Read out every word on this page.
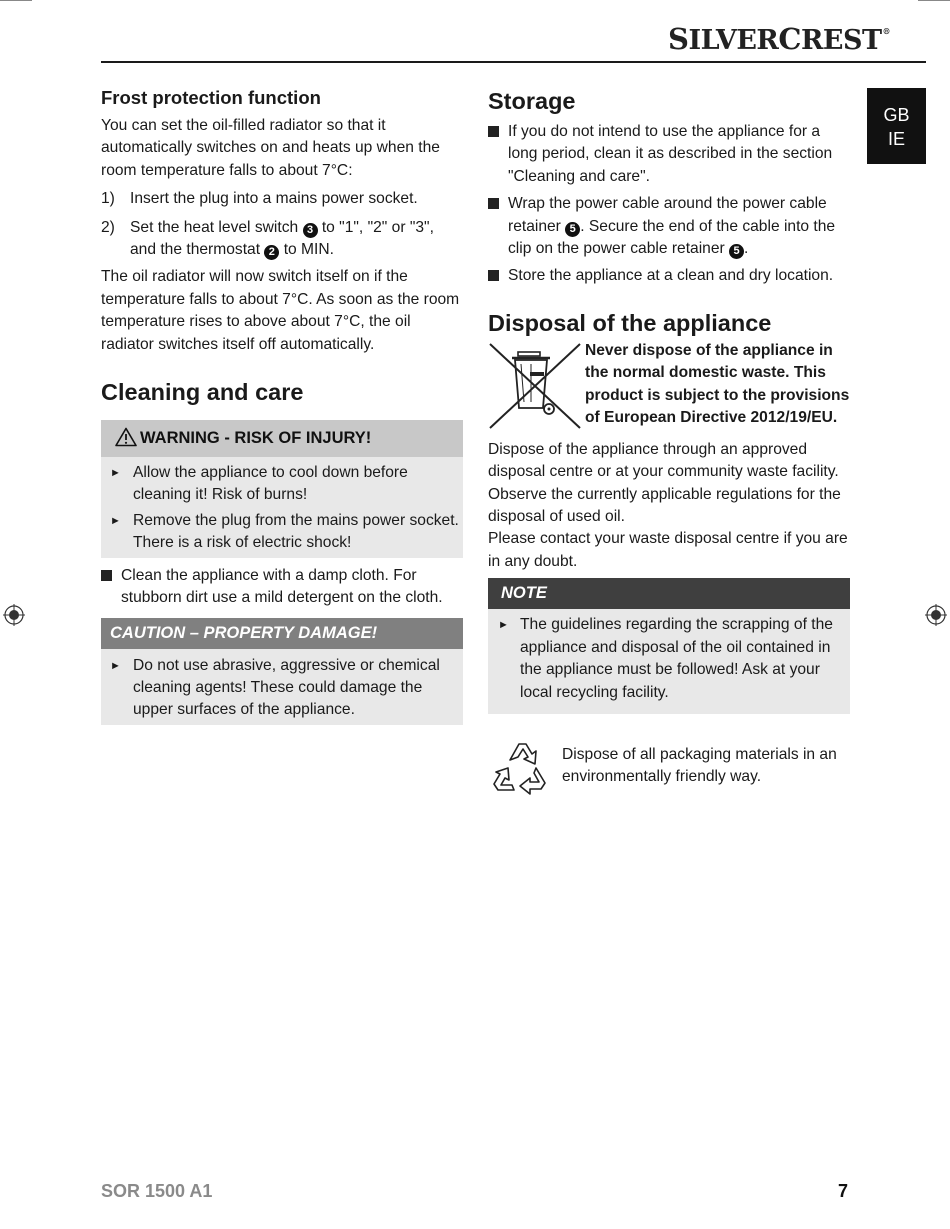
SILVERCREST®
GB
IE
Frost protection function

You can set the oil-filled radiator so that it automatically switches on and heats up when the room temperature falls to about 7°C:

1) Insert the plug into a mains power socket.
2) Set the heat level switch 3 to "1", "2" or "3", and the thermostat 2 to MIN.

The oil radiator will now switch itself on if the temperature falls to about 7°C. As soon as the room temperature rises to above about 7°C, the oil radiator switches itself off automatically.

Cleaning and care
WARNING - RISK OF INJURY!
► Allow the appliance to cool down before cleaning it! Risk of burns!
► Remove the plug from the mains power socket. There is a risk of electric shock!
Clean the appliance with a damp cloth. For stubborn dirt use a mild detergent on the cloth.
CAUTION – PROPERTY DAMAGE!
► Do not use abrasive, aggressive or chemical cleaning agents! These could damage the upper surfaces of the appliance.
Storage
If you do not intend to use the appliance for a long period, clean it as described in the section "Cleaning and care".
Wrap the power cable around the power cable retainer 5 . Secure the end of the cable into the clip on the power cable retainer 5 .
Store the appliance at a clean and dry location.
Disposal of the appliance
Never dispose of the appliance in the normal domestic waste. This product is subject to the provisions of European Directive 2012/19/EU.

Dispose of the appliance through an approved disposal centre or at your community waste facility. Observe the currently applicable regulations for the disposal of used oil.

Please contact your waste disposal centre if you are in any doubt.

NOTE
► The guidelines regarding the scrapping of the appliance and disposal of the oil contained in the appliance must be followed! Ask at your local recycling facility.
Dispose of all packaging materials in an environmentally friendly way.
SOR 1500 A1	7
